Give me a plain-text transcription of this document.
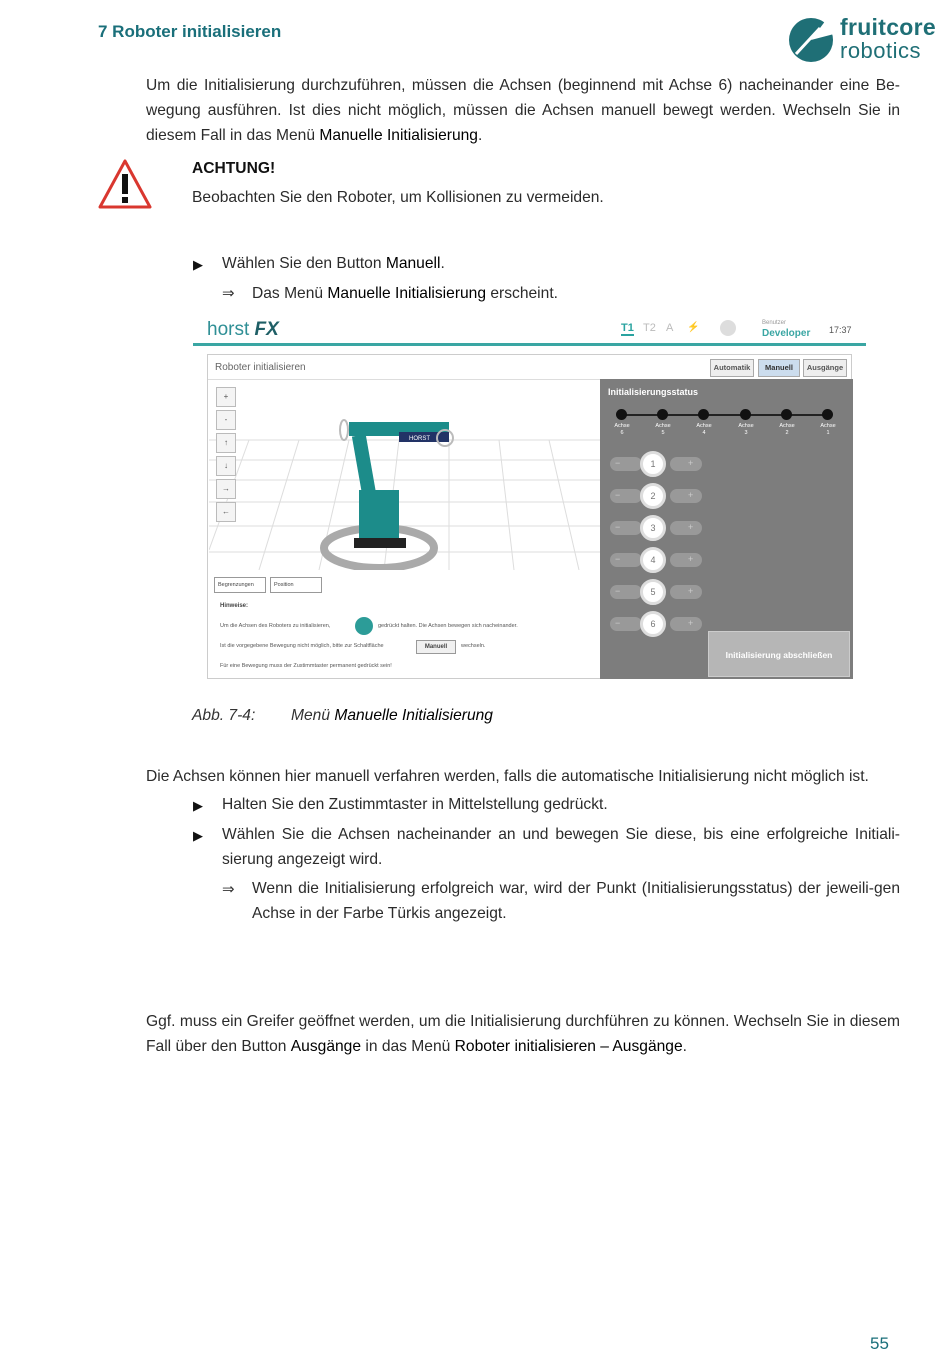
7 Roboter initialisieren	fruitcore
robotics
Um die Initialisierung durchzuführen, müssen die Achsen (beginnend mit Achse 6) nacheinander eine Be-wegung ausführen. Ist dies nicht möglich, müssen die Achsen manuell bewegt werden. Wechseln Sie in diesem Fall in das Menü Manuelle Initialisierung.
ACHTUNG!
Beobachten Sie den Roboter, um Kollisionen zu vermeiden.
▶ Wählen Sie den Button Manuell.
⇒ Das Menü Manuelle Initialisierung erscheint.
horst FX	T1 T2 A ⚡	Benutzer
Developer 17:37
Roboter initialisieren	Automatik	Manuell	Ausgänge
HORST
+
-
↑
↓
→
←
Begrenzungen	Position
Hinweise:
Um die Achsen des Roboters zu initialisieren,	gedrückt halten. Die Achsen bewegen sich nacheinander.
Ist die vorgegebene Bewegung nicht möglich, bitte zur Schaltfläche	Manuell	wechseln.
Für eine Bewegung muss der Zustimmtaster permanent gedrückt sein!
Initialisierungsstatus
Achse
6
Achse
5
Achse
4
Achse
3
Achse
2
Achse
1
−	1	+
−	2	+
−	3	+
−	4	+
−	5	+
−	6	+
Initialisierung abschließen
Abb. 7-4: Menü Manuelle Initialisierung
Die Achsen können hier manuell verfahren werden, falls die automatische Initialisierung nicht möglich ist.
▶ Halten Sie den Zustimmtaster in Mittelstellung gedrückt.
▶ Wählen Sie die Achsen nacheinander an und bewegen Sie diese, bis eine erfolgreiche Initiali-sierung angezeigt wird.
⇒ Wenn die Initialisierung erfolgreich war, wird der Punkt (Initialisierungsstatus) der jeweili-gen Achse in der Farbe Türkis angezeigt.
Ggf. muss ein Greifer geöffnet werden, um die Initialisierung durchführen zu können. Wechseln Sie in diesem Fall über den Button Ausgänge in das Menü Roboter initialisieren – Ausgänge.
55
